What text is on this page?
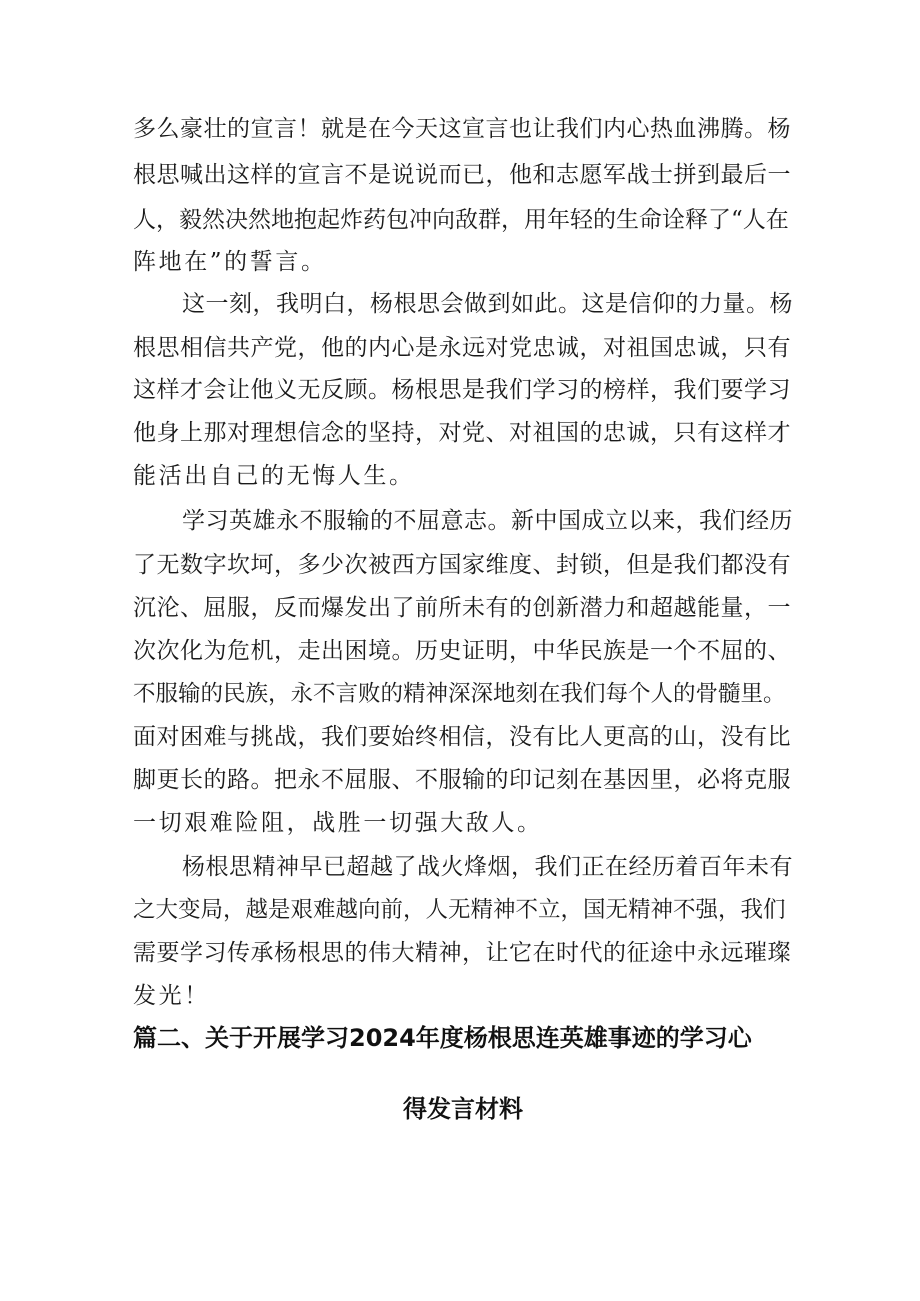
多么豪壮的宣言！就是在今天这宣言也让我们内心热血沸腾。杨
根思喊出这样的宣言不是说说而已，他和志愿军战士拼到最后一
人，毅然决然地抱起炸药包冲向敌群，用年轻的生命诠释了“人在
阵地在”的誓言。
这一刻，我明白，杨根思会做到如此。这是信仰的力量。杨
根思相信共产党，他的内心是永远对党忠诚，对祖国忠诚，只有
这样才会让他义无反顾。杨根思是我们学习的榜样，我们要学习
他身上那对理想信念的坚持，对党、对祖国的忠诚，只有这样才
能活出自己的无悔人生。
学习英雄永不服输的不屈意志。新中国成立以来，我们经历
了无数字坎坷，多少次被西方国家维度、封锁，但是我们都没有
沉沦、屈服，反而爆发出了前所未有的创新潜力和超越能量，一
次次化为危机，走出困境。历史证明，中华民族是一个不屈的、
不服输的民族，永不言败的精神深深地刻在我们每个人的骨髓里。
面对困难与挑战，我们要始终相信，没有比人更高的山，没有比
脚更长的路。把永不屈服、不服输的印记刻在基因里，必将克服
一切艰难险阻，战胜一切强大敌人。
杨根思精神早已超越了战火烽烟，我们正在经历着百年未有
之大变局，越是艰难越向前，人无精神不立，国无精神不强，我们
需要学习传承杨根思的伟大精神，让它在时代的征途中永远璀璨
发光！
篇二、关于开展学习2024年度杨根思连英雄事迹的学习心
得发言材料
